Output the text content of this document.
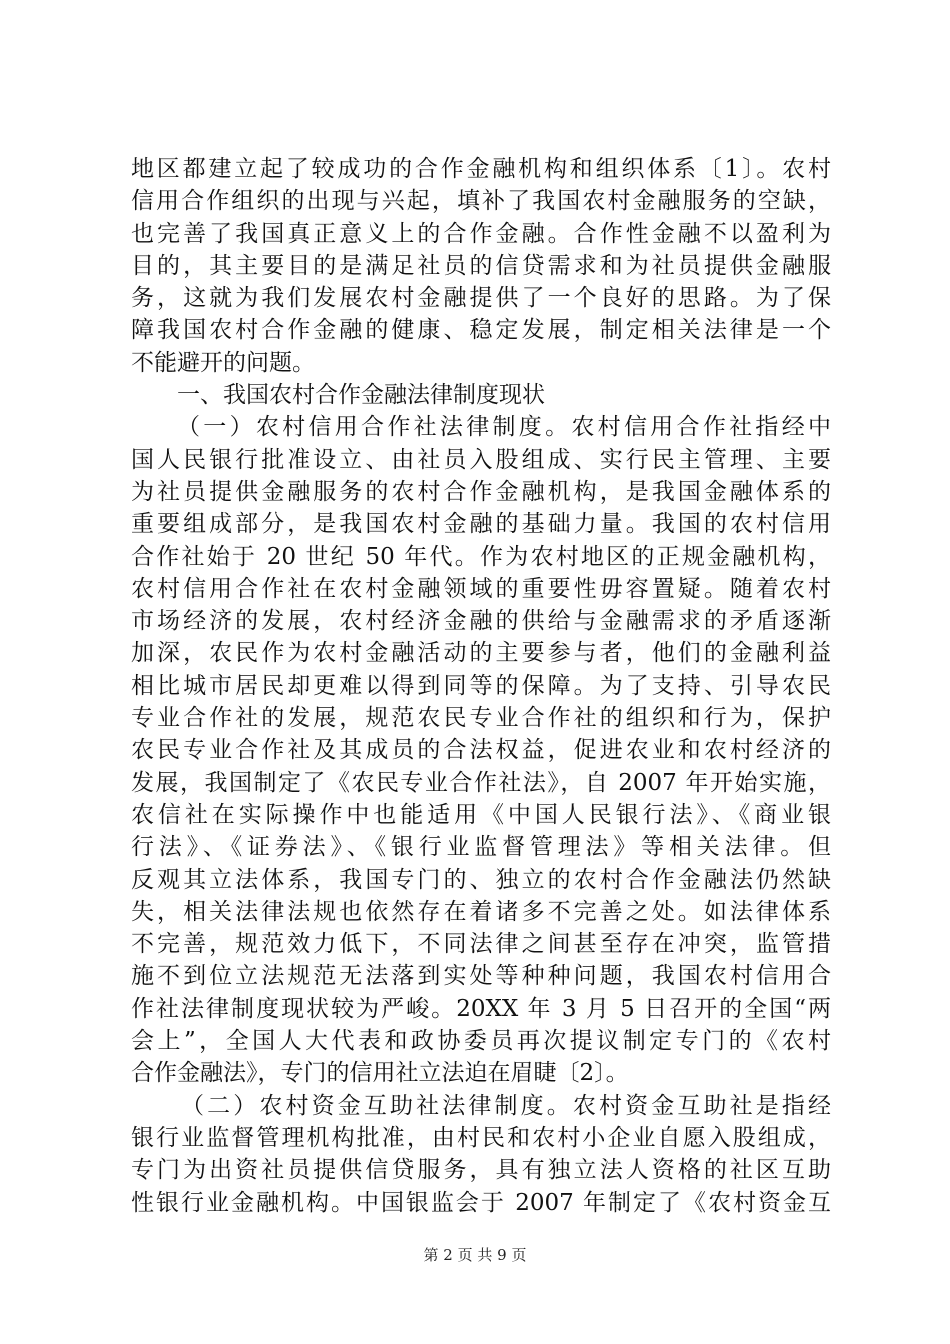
地区都建立起了较成功的合作金融机构和组织体系〔1〕。农村
信用合作组织的出现与兴起，填补了我国农村金融服务的空缺，
也完善了我国真正意义上的合作金融。合作性金融不以盈利为
目的，其主要目的是满足社员的信贷需求和为社员提供金融服
务，这就为我们发展农村金融提供了一个良好的思路。为了保
障我国农村合作金融的健康、稳定发展，制定相关法律是一个
不能避开的问题。
一、我国农村合作金融法律制度现状
（一）农村信用合作社法律制度。农村信用合作社指经中
国人民银行批准设立、由社员入股组成、实行民主管理、主要
为社员提供金融服务的农村合作金融机构，是我国金融体系的
重要组成部分，是我国农村金融的基础力量。我国的农村信用
合作社始于 20 世纪 50 年代。作为农村地区的正规金融机构，
农村信用合作社在农村金融领域的重要性毋容置疑。随着农村
市场经济的发展，农村经济金融的供给与金融需求的矛盾逐渐
加深，农民作为农村金融活动的主要参与者，他们的金融利益
相比城市居民却更难以得到同等的保障。为了支持、引导农民
专业合作社的发展，规范农民专业合作社的组织和行为，保护
农民专业合作社及其成员的合法权益，促进农业和农村经济的
发展，我国制定了《农民专业合作社法》，自 2007 年开始实施，
农信社在实际操作中也能适用《中国人民银行法》、《商业银
行法》、《证券法》、《银行业监督管理法》等相关法律。但
反观其立法体系，我国专门的、独立的农村合作金融法仍然缺
失，相关法律法规也依然存在着诸多不完善之处。如法律体系
不完善，规范效力低下，不同法律之间甚至存在冲突，监管措
施不到位立法规范无法落到实处等种种问题，我国农村信用合
作社法律制度现状较为严峻。20XX 年 3 月 5 日召开的全国“两
会上”，全国人大代表和政协委员再次提议制定专门的《农村
合作金融法》，专门的信用社立法迫在眉睫〔2〕。
（二）农村资金互助社法律制度。农村资金互助社是指经
银行业监督管理机构批准，由村民和农村小企业自愿入股组成，
专门为出资社员提供信贷服务，具有独立法人资格的社区互助
性银行业金融机构。中国银监会于 2007 年制定了《农村资金互
第 2 页 共 9 页
